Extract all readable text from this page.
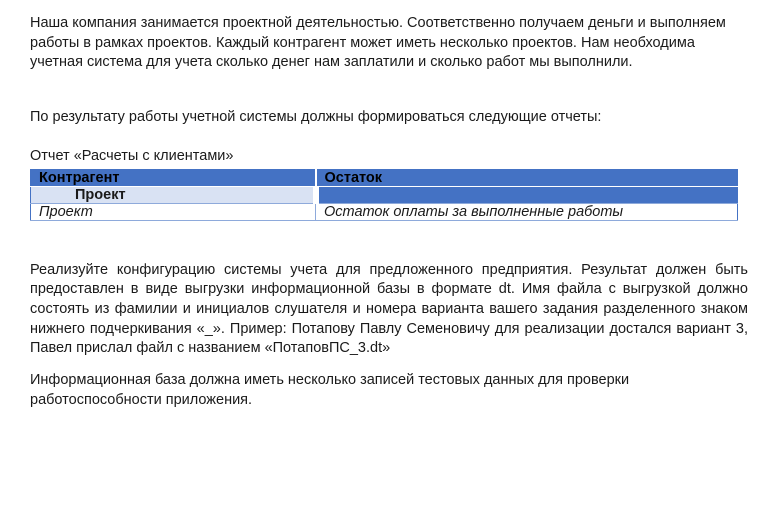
Наша компания занимается проектной деятельностью. Соответственно получаем деньги и выполняем работы в рамках проектов. Каждый контрагент может иметь несколько проектов. Нам необходима учетная система для учета сколько денег нам заплатили и сколько работ мы выполнили.

По результату работы учетной системы должны формироваться следующие отчеты:

Отчет «Расчеты с клиентами»

Контрагент	Остаток
Проект	
Проект	Остаток оплаты за выполненные работы

Реализуйте конфигурацию системы учета для предложенного предприятия. Результат должен быть предоставлен в виде выгрузки информационной базы в формате dt. Имя файла с выгрузкой должно состоять из фамилии и инициалов слушателя и номера варианта вашего задания разделенного знаком нижнего подчеркивания «_». Пример: Потапову Павлу Семеновичу для реализации достался вариант 3, Павел прислал файл с названием «ПотаповПС_3.dt»

Информационная база должна иметь несколько записей тестовых данных для проверки работоспособности приложения.
